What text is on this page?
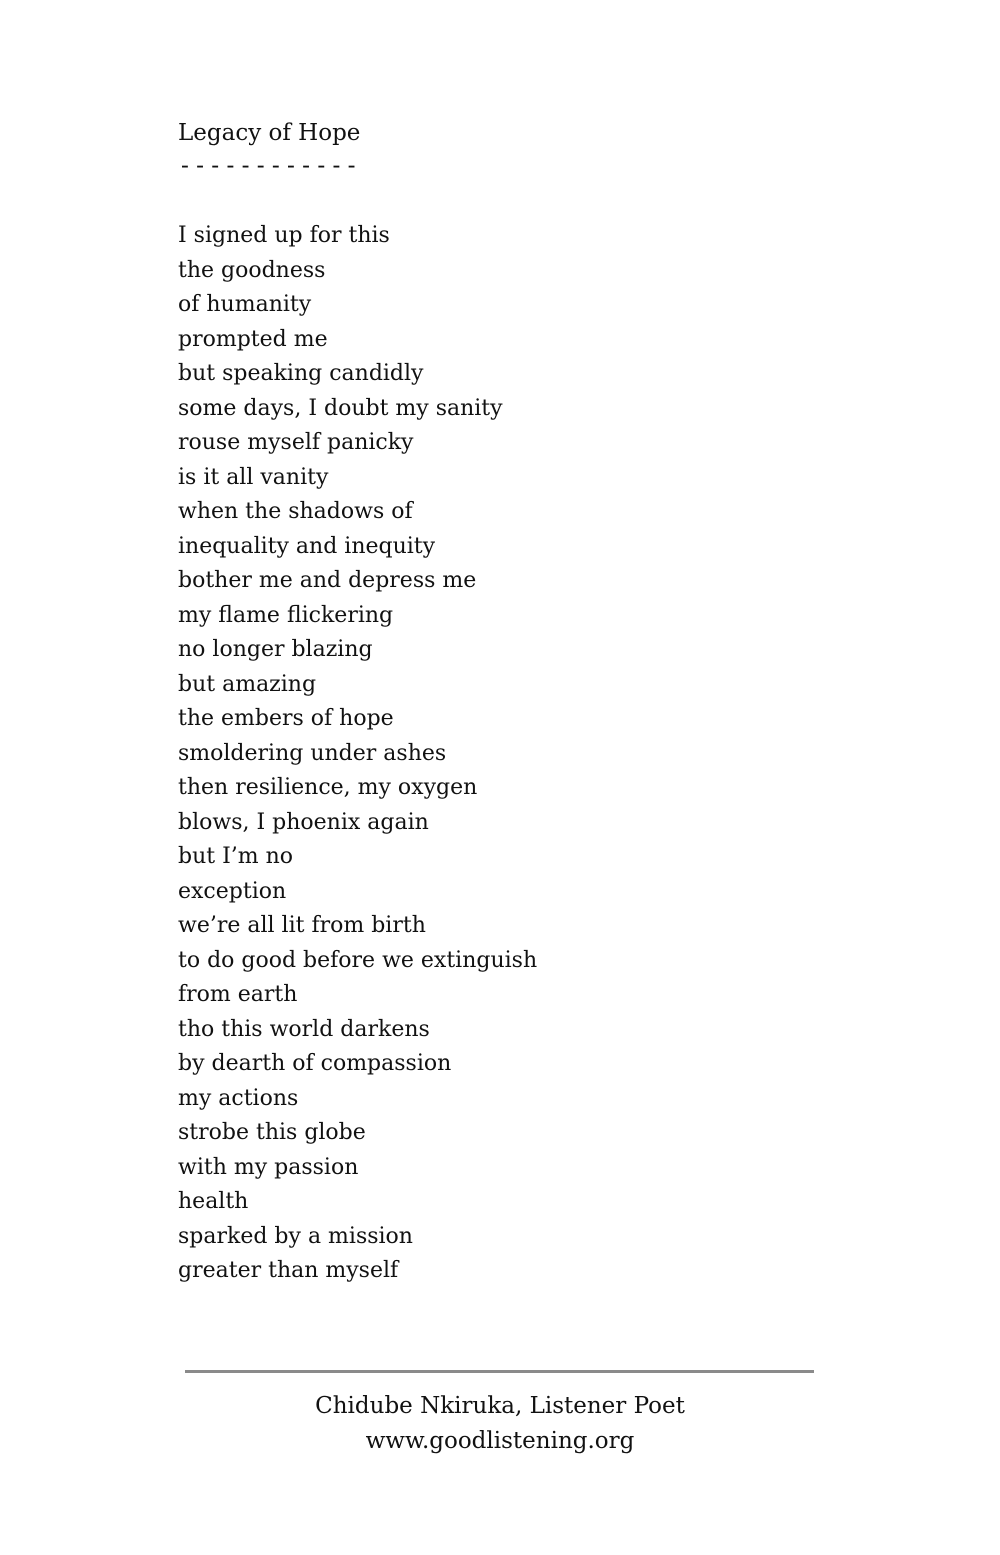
Legacy of Hope
------------
I signed up for this
the goodness
of humanity
prompted me
but speaking candidly
some days, I doubt my sanity
rouse myself panicky
is it all vanity
when the shadows of
inequality and inequity
bother me and depress me
my flame flickering
no longer blazing
but amazing
the embers of hope
smoldering under ashes
then resilience, my oxygen
blows, I phoenix again
but I’m no
exception
we’re all lit from birth
to do good before we extinguish
from earth
tho this world darkens
by dearth of compassion
my actions
strobe this globe
with my passion
health
sparked by a mission
greater than myself
Chidube Nkiruka, Listener Poet
www.goodlistening.org
